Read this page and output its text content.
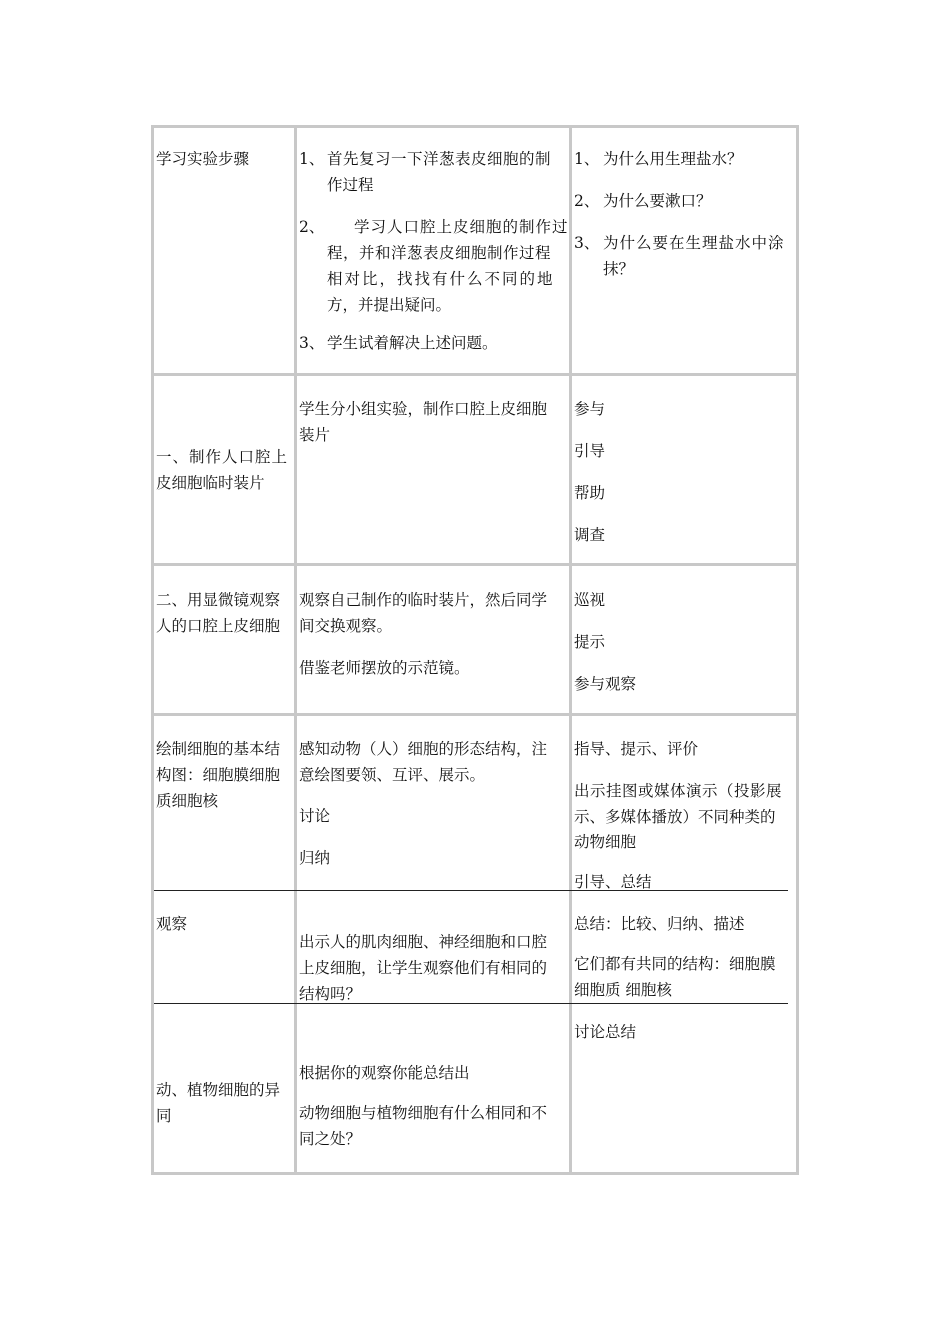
学习实验步骤	1、 首先复习一下洋葱表皮细胞的制
作过程
2、 学习人口腔上皮细胞的制作过
程，并和洋葱表皮细胞制作过程
相对比，找找有什么不同的地
方，并提出疑问。
3、 学生试着解决上述问题。
1、 为什么用生理盐水？
2、 为什么要漱口？
3、 为什么要在生理盐水中涂
抹？
一、制作人口腔上
皮细胞临时装片
学生分小组实验，制作口腔上皮细胞
装片
参与
引导
帮助
调查
二、用显微镜观察
人的口腔上皮细胞
观察自己制作的临时装片，然后同学
间交换观察。
借鉴老师摆放的示范镜。
巡视
提示
参与观察
绘制细胞的基本结
构图：细胞膜细胞
质细胞核
感知动物（人）细胞的形态结构，注
意绘图要领、互评、展示。
讨论
归纳
指导、提示、评价
出示挂图或媒体演示（投影展
示、多媒体播放）不同种类的
动物细胞
引导、总结
观察
出示人的肌肉细胞、神经细胞和口腔
上皮细胞，让学生观察他们有相同的
结构吗？
总结：比较、归纳、描述
它们都有共同的结构：细胞膜
细胞质 细胞核
动、植物细胞的异
同
根据你的观察你能总结出
动物细胞与植物细胞有什么相同和不
同之处？
讨论总结
